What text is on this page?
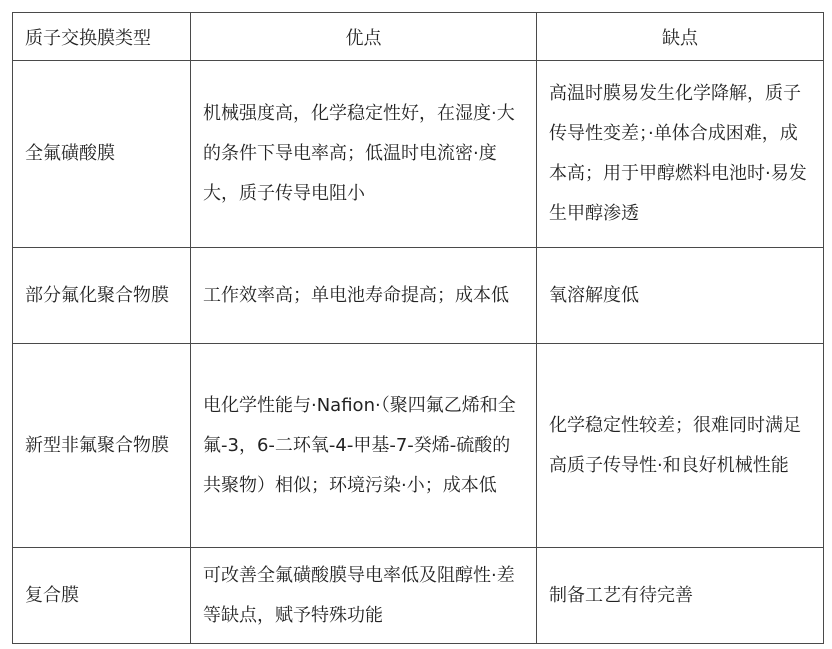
质子交换膜类型	优点	缺点
全氟磺酸膜	机械强度高，化学稳定性好，在湿度·大的条件下导电率高；低温时电流密·度大，质子传导电阻小	高温时膜易发生化学降解，质子传导性变差；·单体合成困难，成本高；用于甲醇燃料电池时·易发生甲醇渗透
部分氟化聚合物膜	工作效率高；单电池寿命提高；成本低	氧溶解度低
新型非氟聚合物膜	电化学性能与·Nafion·（聚四氟乙烯和全氟-3，6-二环氧-4-甲基-7-癸烯-硫酸的共聚物）相似；环境污染·小；成本低	化学稳定性较差；很难同时满足高质子传导性·和良好机械性能
复合膜	可改善全氟磺酸膜导电率低及阻醇性·差等缺点，赋予特殊功能	制备工艺有待完善
